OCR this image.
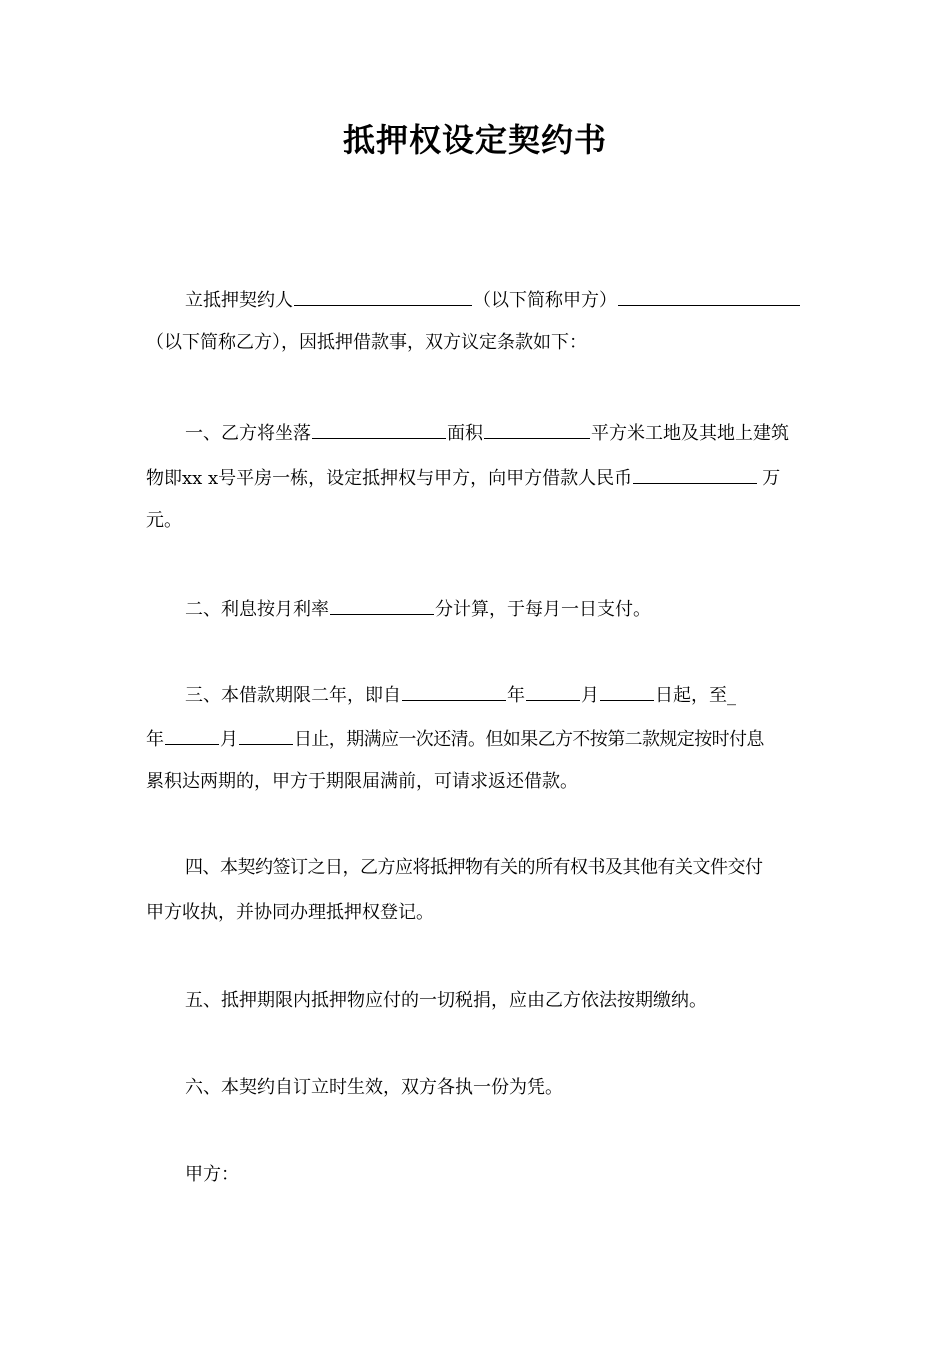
抵押权设定契约书
立抵押契约人	（以下简称甲方）
（以下简称乙方），因抵押借款事，双方议定条款如下：
一、乙方将坐落	面积	平方米工地及其地上建筑
物即xx x号平房一栋，设定抵押权与甲方，向甲方借款人民币	万
元。
二、利息按月利率	分计算，于每月一日支付。
三、本借款期限二年，即自	年	月	日起，至_
年	月	日止，期满应一次还清。但如果乙方不按第二款规定按时付息
累积达两期的，甲方于期限届满前，可请求返还借款。
四、本契约签订之日，乙方应将抵押物有关的所有权书及其他有关文件交付
甲方收执，并协同办理抵押权登记。
五、抵押期限内抵押物应付的一切税捐，应由乙方依法按期缴纳。
六、本契约自订立时生效，双方各执一份为凭。
甲方：
